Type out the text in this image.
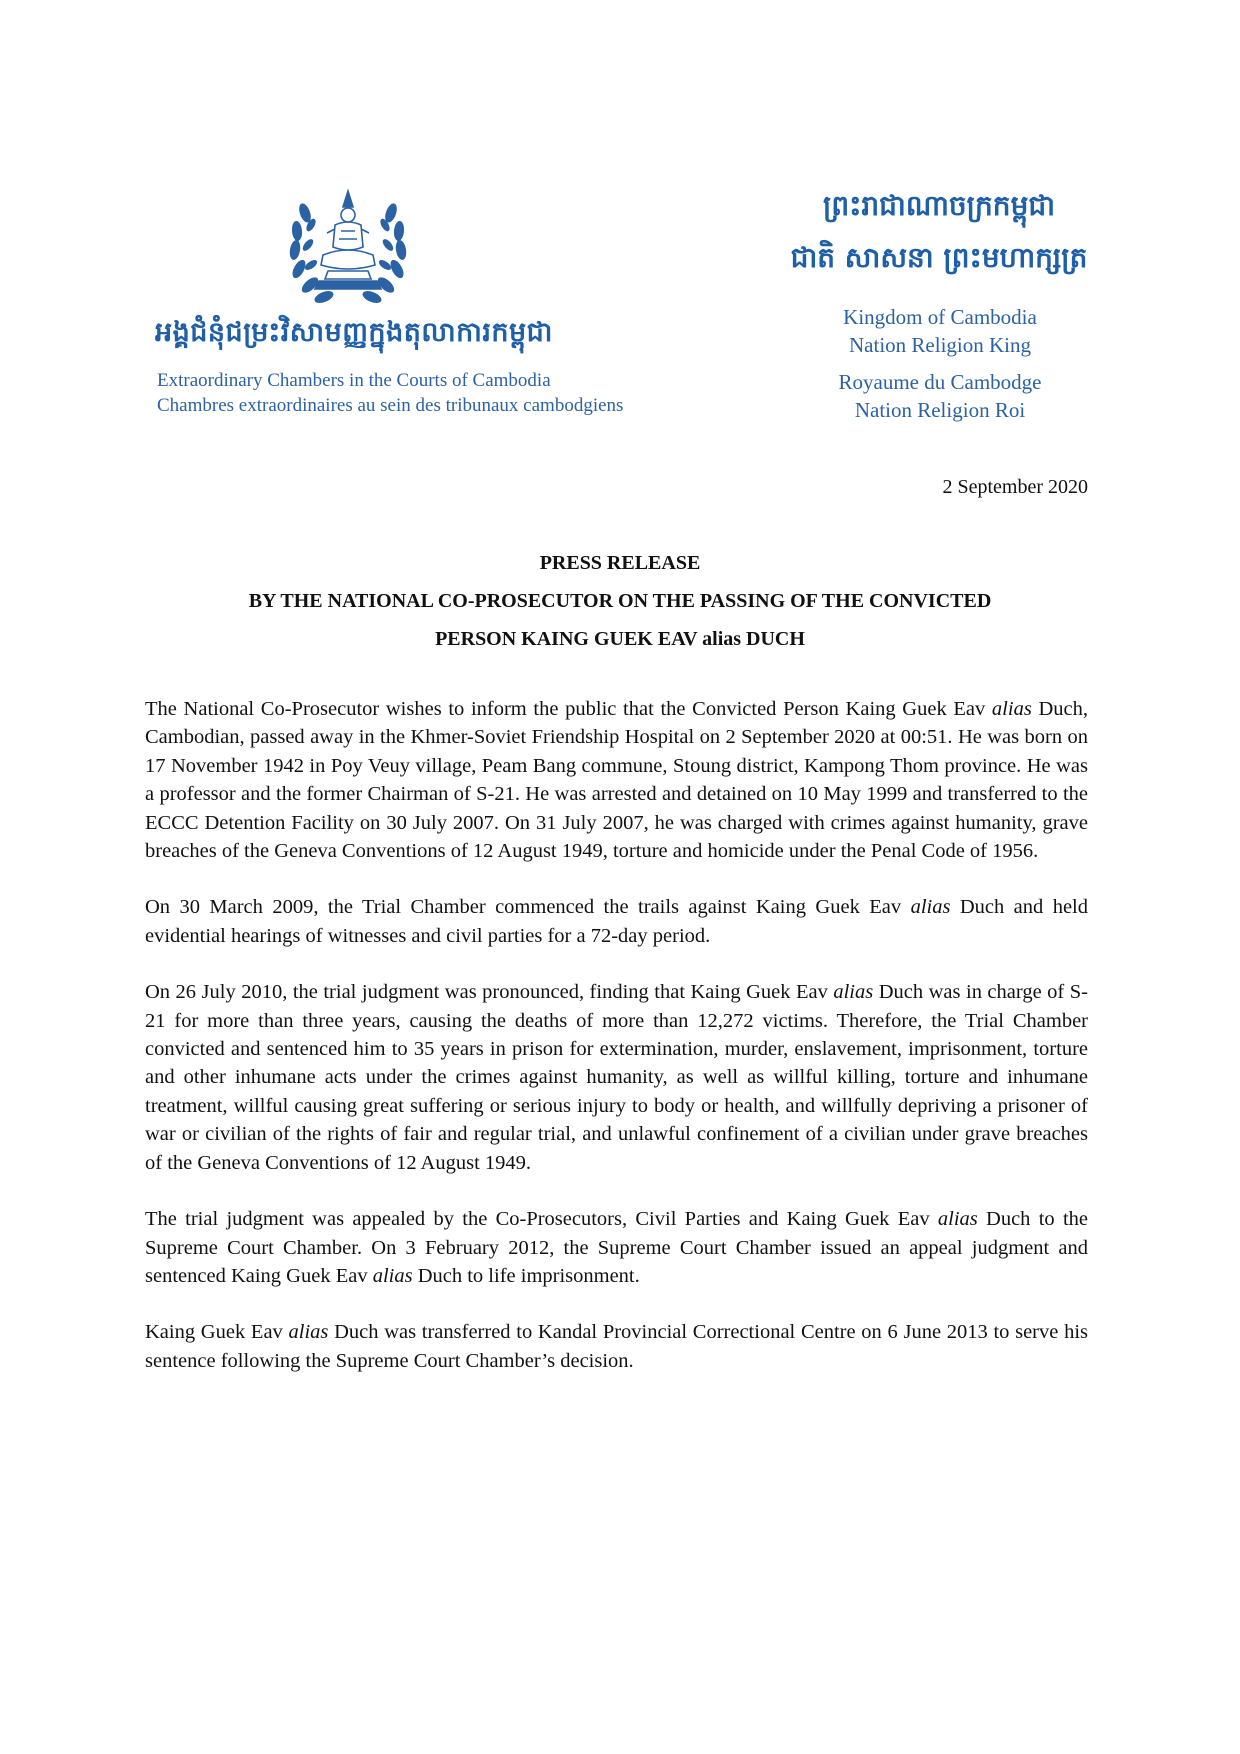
អង្គជំនុំជម្រះវិសាមញ្ញក្នុងតុលាការកម្ពុជា
Extraordinary Chambers in the Courts of Cambodia
Chambres extraordinaires au sein des tribunaux cambodgiens
ព្រះរាជាណាចក្រកម្ពុជា
ជាតិ សាសនា ព្រះមហាក្សត្រ
Kingdom of Cambodia
Nation Religion King
Royaume du Cambodge
Nation Religion Roi
2 September 2020
PRESS RELEASE
BY THE NATIONAL CO-PROSECUTOR ON THE PASSING OF THE CONVICTED
PERSON KAING GUEK EAV alias DUCH

The National Co-Prosecutor wishes to inform the public that the Convicted Person Kaing Guek Eav alias Duch, Cambodian, passed away in the Khmer-Soviet Friendship Hospital on 2 September 2020 at 00:51. He was born on 17 November 1942 in Poy Veuy village, Peam Bang commune, Stoung district, Kampong Thom province. He was a professor and the former Chairman of S-21. He was arrested and detained on 10 May 1999 and transferred to the ECCC Detention Facility on 30 July 2007. On 31 July 2007, he was charged with crimes against humanity, grave breaches of the Geneva Conventions of 12 August 1949, torture and homicide under the Penal Code of 1956.

On 30 March 2009, the Trial Chamber commenced the trails against Kaing Guek Eav alias Duch and held evidential hearings of witnesses and civil parties for a 72-day period.

On 26 July 2010, the trial judgment was pronounced, finding that Kaing Guek Eav alias Duch was in charge of S-21 for more than three years, causing the deaths of more than 12,272 victims. Therefore, the Trial Chamber convicted and sentenced him to 35 years in prison for extermination, murder, enslavement, imprisonment, torture and other inhumane acts under the crimes against humanity, as well as willful killing, torture and inhumane treatment, willful causing great suffering or serious injury to body or health, and willfully depriving a prisoner of war or civilian of the rights of fair and regular trial, and unlawful confinement of a civilian under grave breaches of the Geneva Conventions of 12 August 1949.

The trial judgment was appealed by the Co-Prosecutors, Civil Parties and Kaing Guek Eav alias Duch to the Supreme Court Chamber. On 3 February 2012, the Supreme Court Chamber issued an appeal judgment and sentenced Kaing Guek Eav alias Duch to life imprisonment.

Kaing Guek Eav alias Duch was transferred to Kandal Provincial Correctional Centre on 6 June 2013 to serve his sentence following the Supreme Court Chamber’s decision.
